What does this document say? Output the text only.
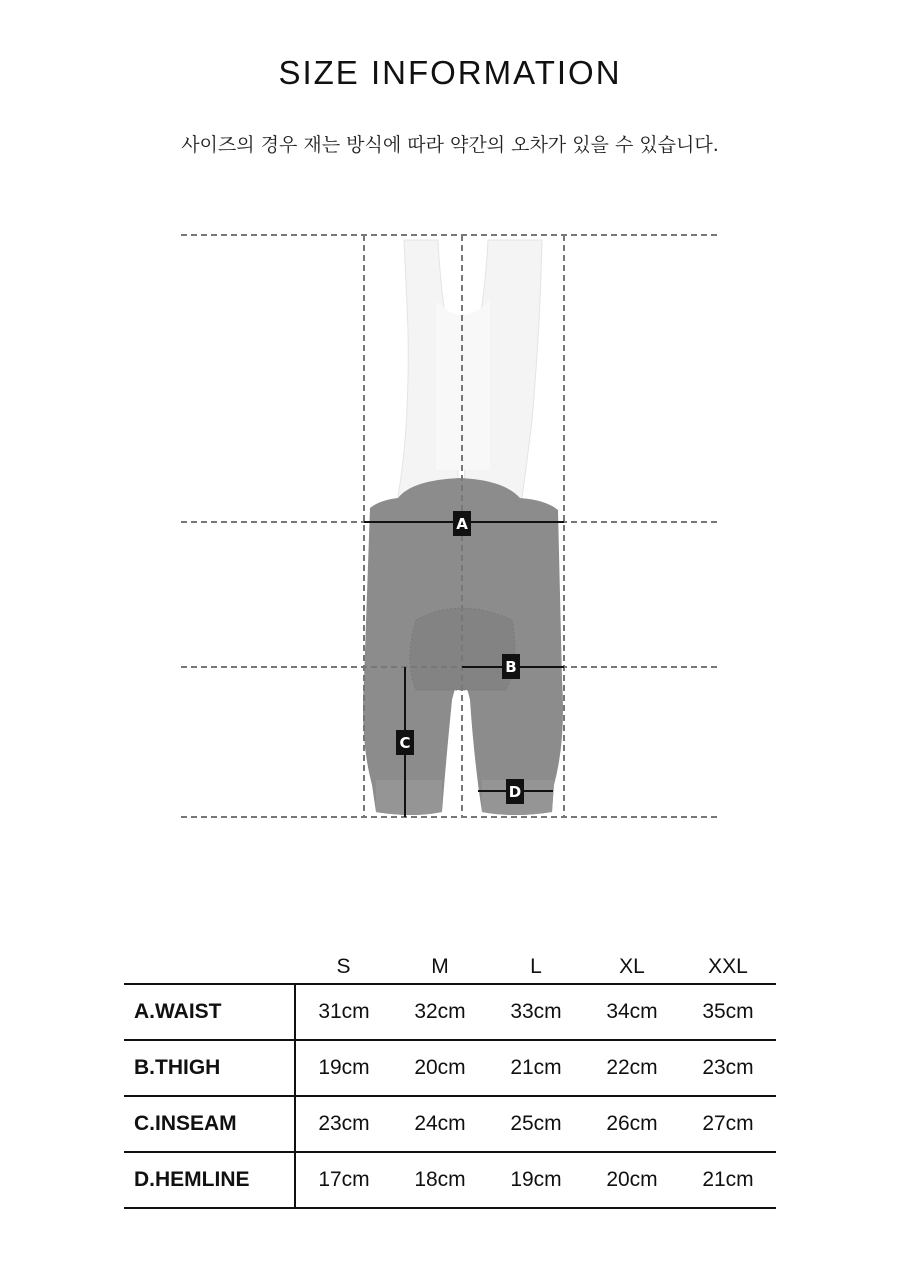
SIZE INFORMATION
사이즈의 경우 재는 방식에 따라 약간의 오차가 있을 수 있습니다.
A
B
C
D
	S	M	L	XL	XXL
A.WAIST	31cm	32cm	33cm	34cm	35cm
B.THIGH	19cm	20cm	21cm	22cm	23cm
C.INSEAM	23cm	24cm	25cm	26cm	27cm
D.HEMLINE	17cm	18cm	19cm	20cm	21cm
